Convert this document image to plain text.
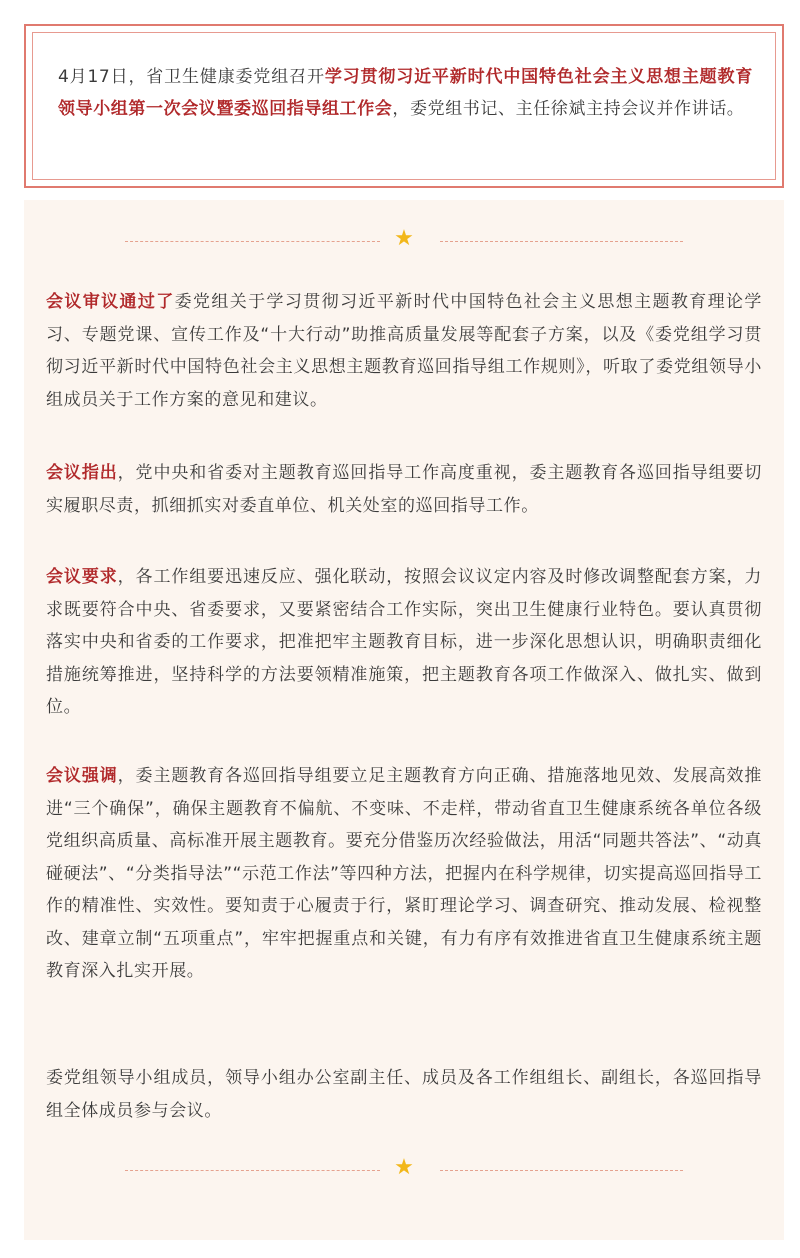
4月17日，省卫生健康委党组召开学习贯彻习近平新时代中国特色社会主义思想主题教育领导小组第一次会议暨委巡回指导组工作会，委党组书记、主任徐斌主持会议并作讲话。
★
会议审议通过了委党组关于学习贯彻习近平新时代中国特色社会主义思想主题教育理论学习、专题党课、宣传工作及“十大行动”助推高质量发展等配套子方案，以及《委党组学习贯彻习近平新时代中国特色社会主义思想主题教育巡回指导组工作规则》，听取了委党组领导小组成员关于工作方案的意见和建议。
会议指出，党中央和省委对主题教育巡回指导工作高度重视，委主题教育各巡回指导组要切实履职尽责，抓细抓实对委直单位、机关处室的巡回指导工作。
会议要求，各工作组要迅速反应、强化联动，按照会议议定内容及时修改调整配套方案，力求既要符合中央、省委要求，又要紧密结合工作实际，突出卫生健康行业特色。要认真贯彻落实中央和省委的工作要求，把准把牢主题教育目标，进一步深化思想认识，明确职责细化措施统筹推进，坚持科学的方法要领精准施策，把主题教育各项工作做深入、做扎实、做到位。
会议强调，委主题教育各巡回指导组要立足主题教育方向正确、措施落地见效、发展高效推进“三个确保”，确保主题教育不偏航、不变味、不走样，带动省直卫生健康系统各单位各级党组织高质量、高标准开展主题教育。要充分借鉴历次经验做法，用活“同题共答法”、“动真碰硬法”、“分类指导法”“示范工作法”等四种方法，把握内在科学规律，切实提高巡回指导工作的精准性、实效性。要知责于心履责于行，紧盯理论学习、调查研究、推动发展、检视整改、建章立制“五项重点”，牢牢把握重点和关键，有力有序有效推进省直卫生健康系统主题教育深入扎实开展。
委党组领导小组成员，领导小组办公室副主任、成员及各工作组组长、副组长，各巡回指导组全体成员参与会议。
★
